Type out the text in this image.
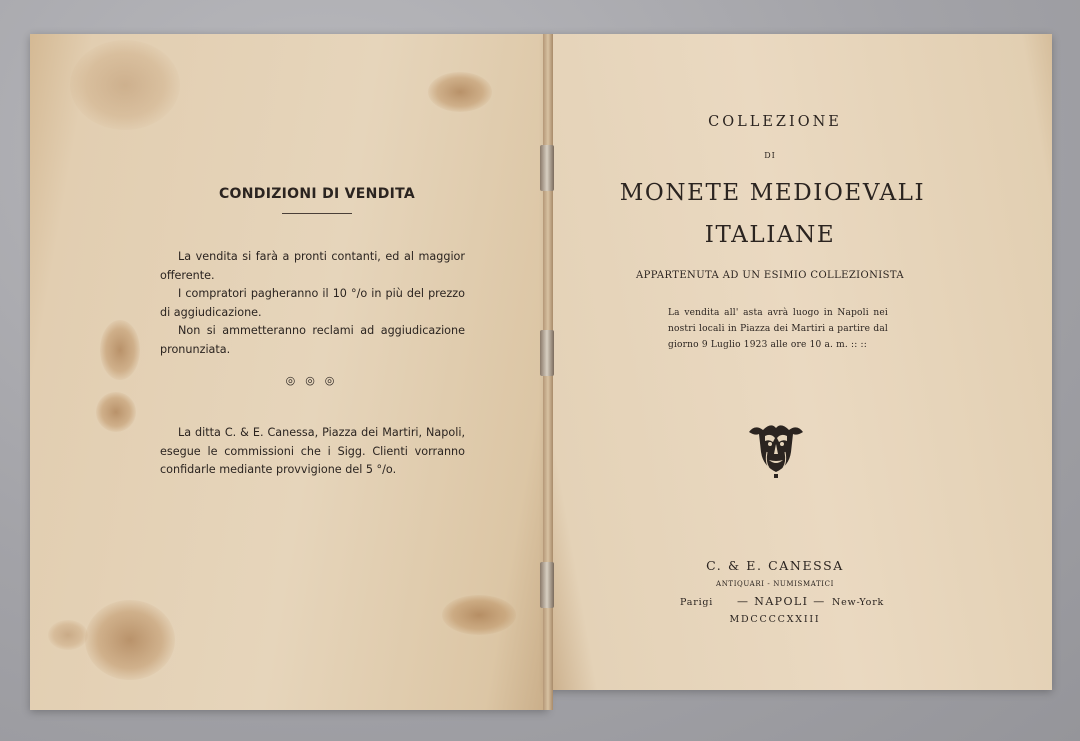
CONDIZIONI DI VENDITA
La vendita si farà a pronti contanti, ed al maggior offerente.
I compratori pagheranno il 10 °/o in più del prezzo di aggiudicazione.
Non si ammetteranno reclami ad aggiudicazione pronunziata.
◎◎◎
La ditta C. & E. Canessa, Piazza dei Martiri, Napoli, esegue le commissioni che i Sigg. Clienti vorranno confidarle mediante provvigione del 5 °/o.
COLLEZIONE
DI
MONETE MEDIOEVALI
ITALIANE
APPARTENUTA AD UN ESIMIO COLLEZIONISTA
La vendita all' asta avrà luogo in Napoli nei nostri locali in Piazza dei Martiri a partire dal giorno 9 Luglio 1923 alle ore 10 a. m. :: ::
C. & E. CANESSA
ANTIQUARI - NUMISMATICI
Parigi — NAPOLI — New-York
MDCCCCXXIII
